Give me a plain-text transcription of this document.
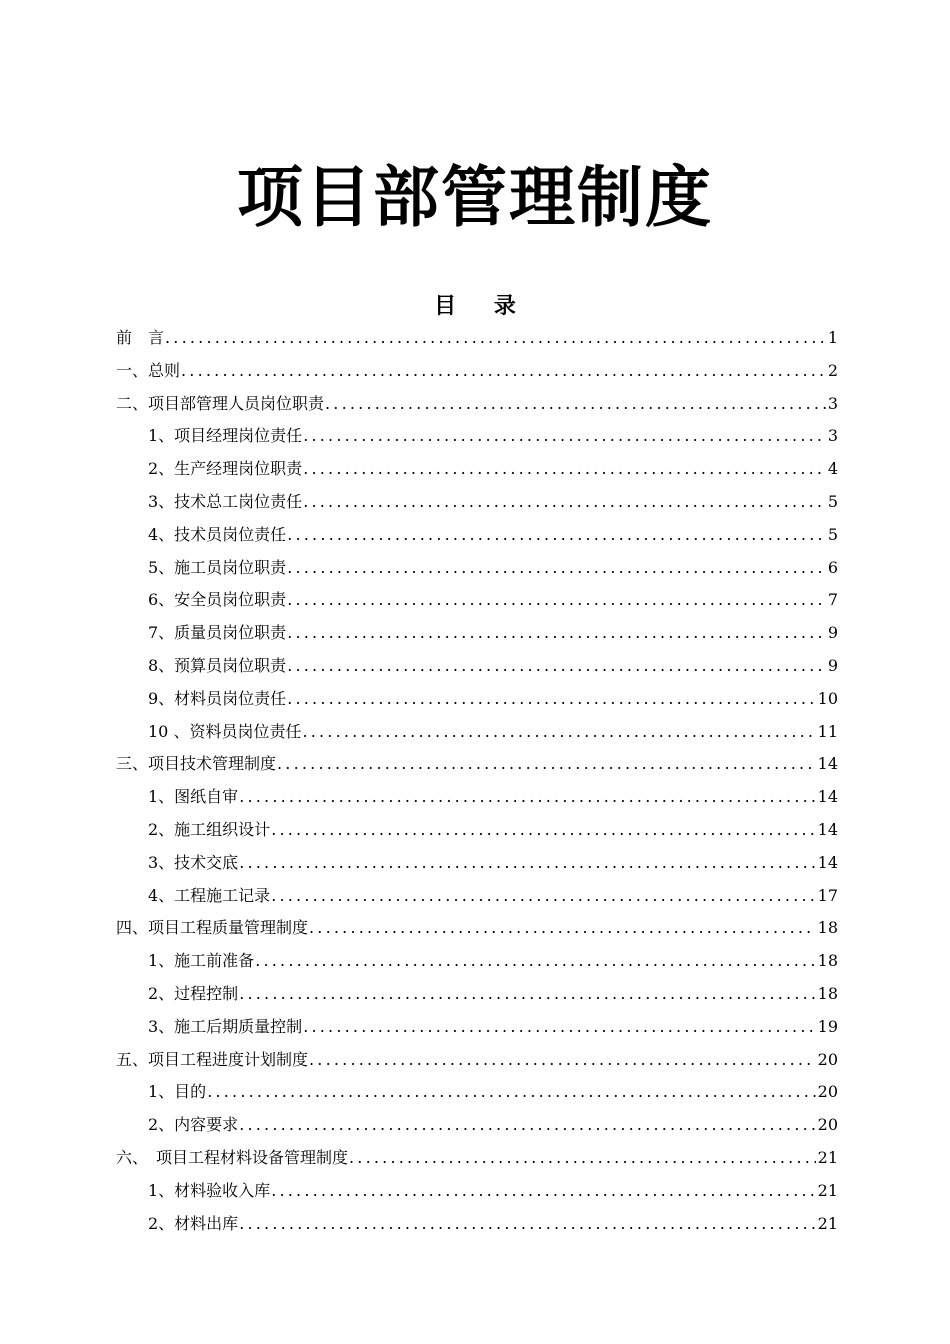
项目部管理制度
目 录
前　言 .....	1
一、总则 .....	2
二、项目部管理人员岗位职责 .....	3
1、项目经理岗位责任 .....	3
2、生产经理岗位职责 .....	4
3、技术总工岗位责任 .....	5
4、技术员岗位责任 .....	5
5、施工员岗位职责 .....	6
6、安全员岗位职责 .....	7
7、质量员岗位职责 .....	9
8、预算员岗位职责 .....	9
9、材料员岗位责任 .....	10
10 、资料员岗位责任 .....	11
三、项目技术管理制度 .....	14
1、图纸自审 .....	14
2、施工组织设计 .....	14
3、技术交底 .....	14
4、工程施工记录 .....	17
四、项目工程质量管理制度 .....	18
1、施工前准备 .....	18
2、过程控制 .....	18
3、施工后期质量控制 .....	19
五、项目工程进度计划制度 .....	20
1、目的 .....	20
2、内容要求 .....	20
六、　项目工程材料设备管理制度 .....	21
1、材料验收入库 .....	21
2、材料出库 .....	21
